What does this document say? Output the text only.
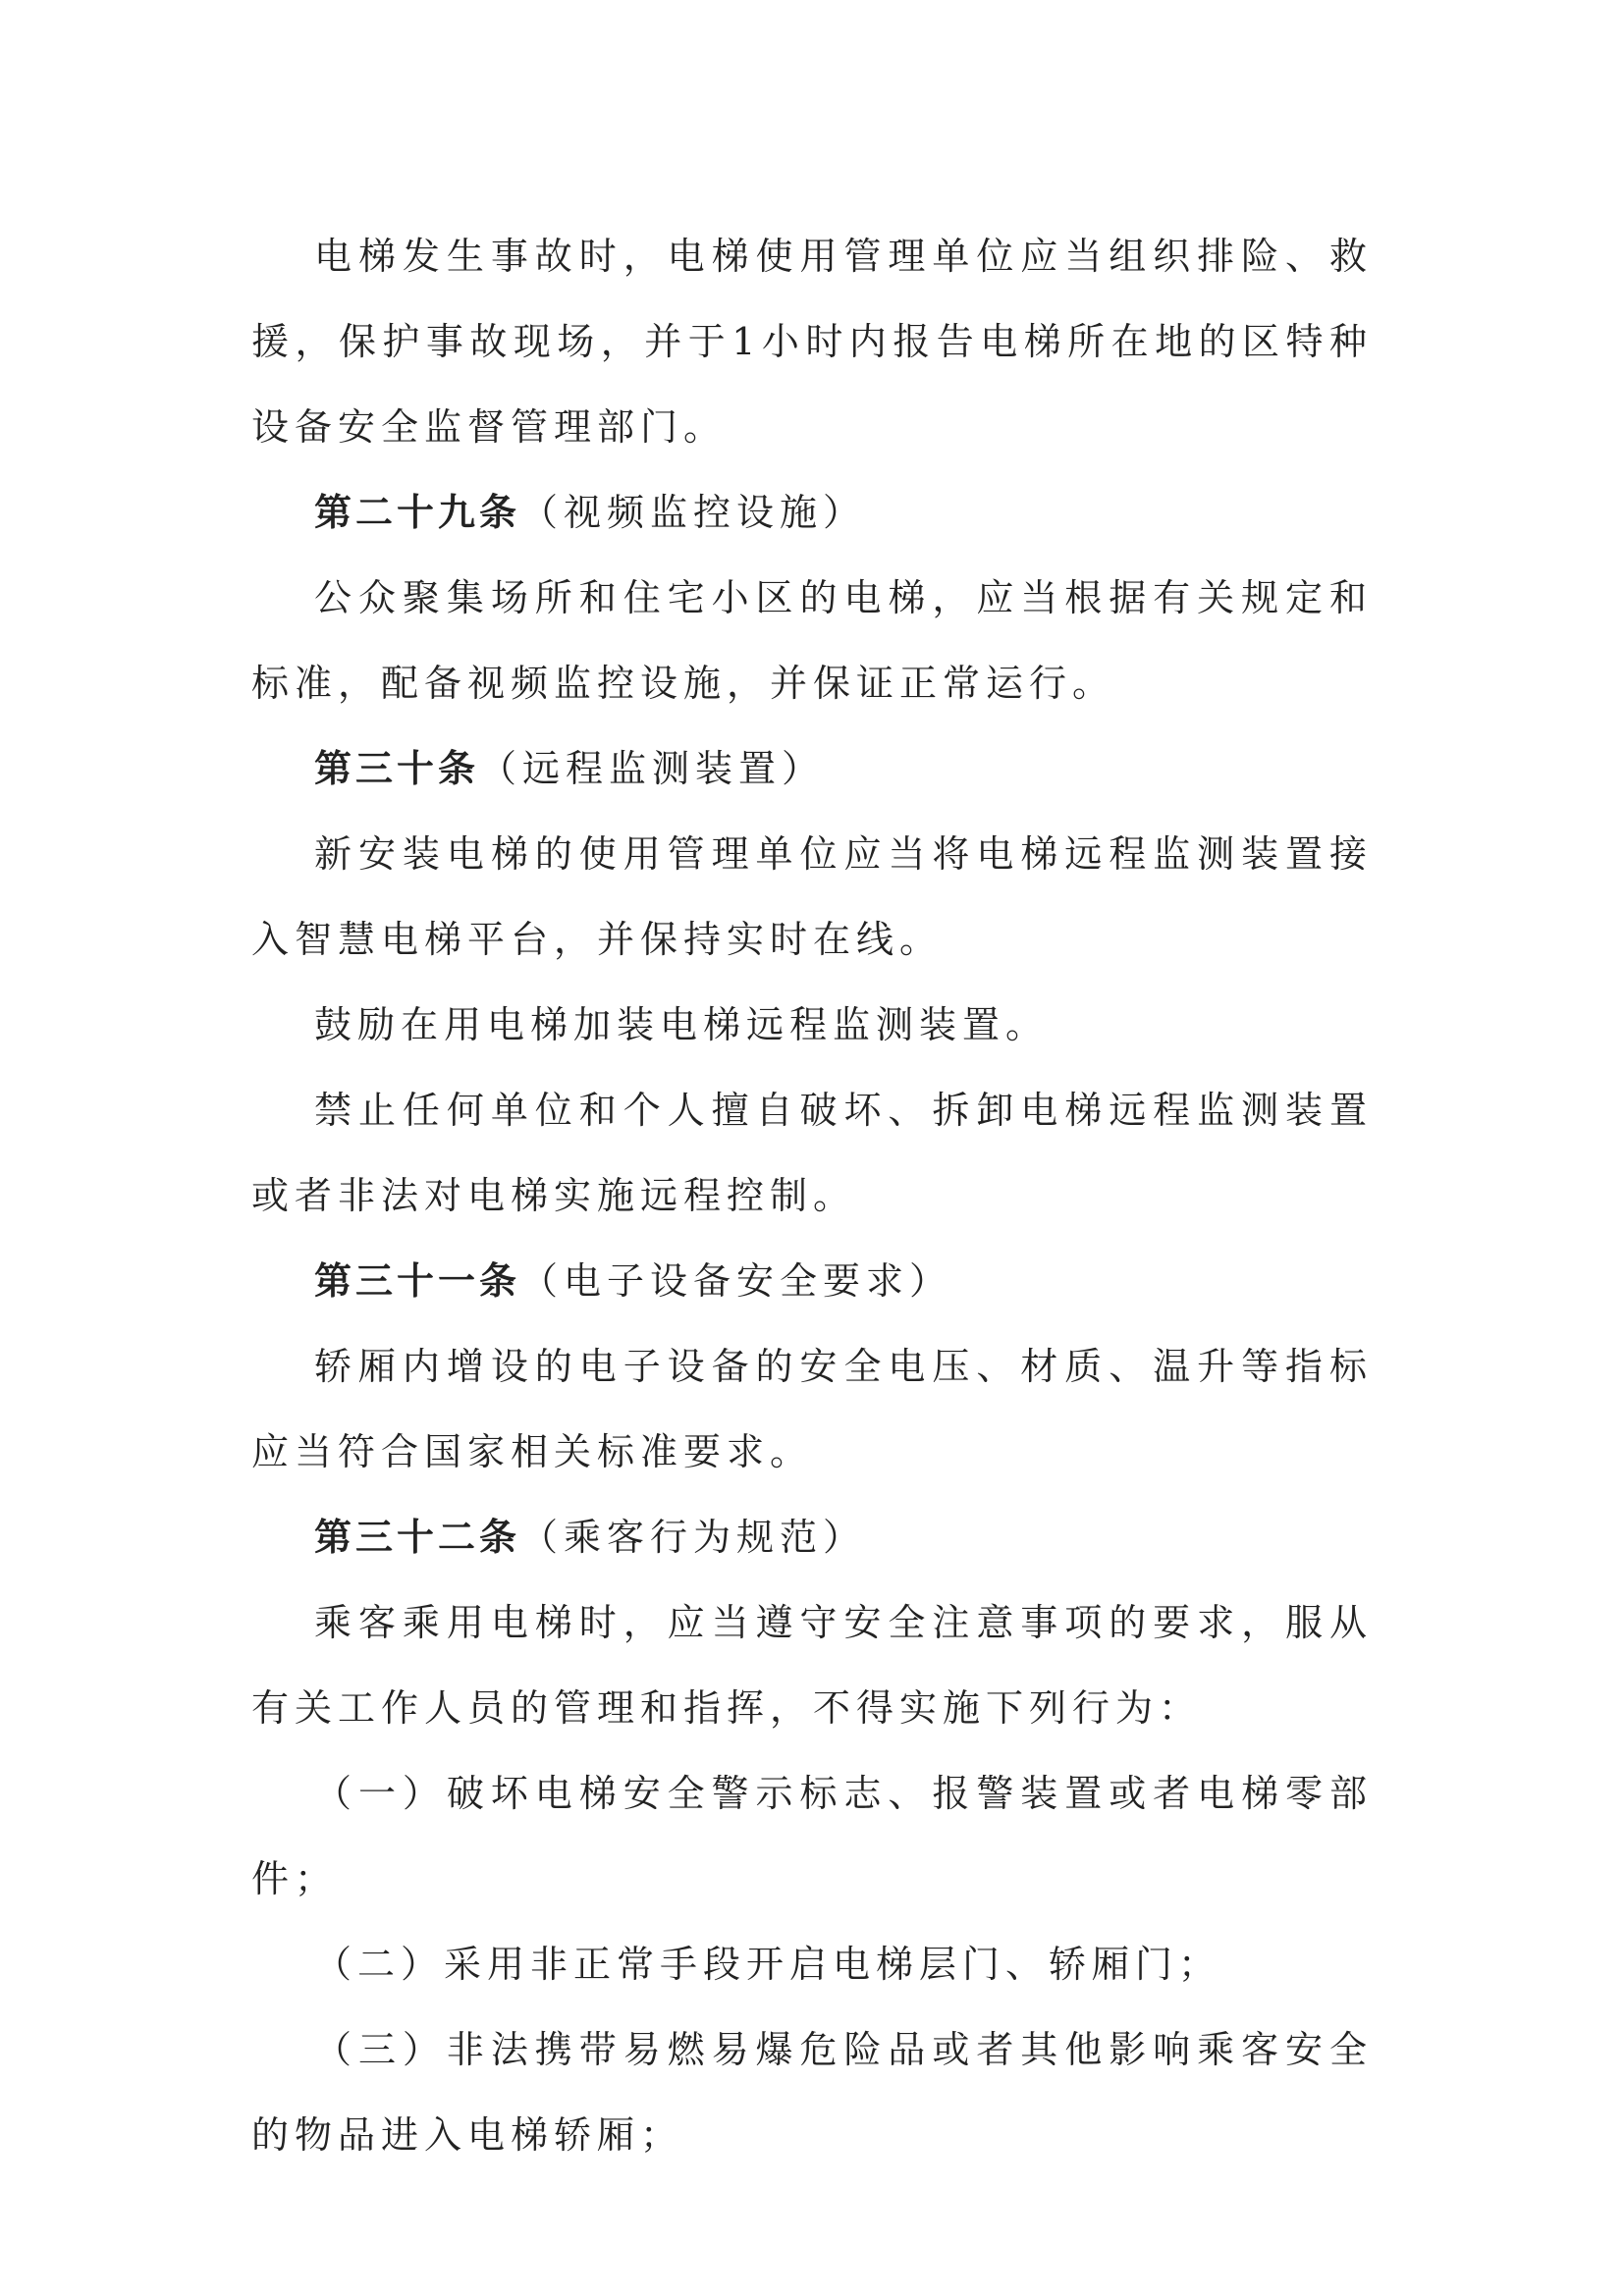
电梯发生事故时，电梯使用管理单位应当组织排险、救援，保护事故现场，并于1小时内报告电梯所在地的区特种设备安全监督管理部门。

第二十九条（视频监控设施）

公众聚集场所和住宅小区的电梯，应当根据有关规定和标准，配备视频监控设施，并保证正常运行。

第三十条（远程监测装置）

新安装电梯的使用管理单位应当将电梯远程监测装置接入智慧电梯平台，并保持实时在线。

鼓励在用电梯加装电梯远程监测装置。

禁止任何单位和个人擅自破坏、拆卸电梯远程监测装置或者非法对电梯实施远程控制。

第三十一条（电子设备安全要求）

轿厢内增设的电子设备的安全电压、材质、温升等指标应当符合国家相关标准要求。

第三十二条（乘客行为规范）

乘客乘用电梯时，应当遵守安全注意事项的要求，服从有关工作人员的管理和指挥，不得实施下列行为：

（一）破坏电梯安全警示标志、报警装置或者电梯零部件；

（二）采用非正常手段开启电梯层门、轿厢门；

（三）非法携带易燃易爆危险品或者其他影响乘客安全的物品进入电梯轿厢；
